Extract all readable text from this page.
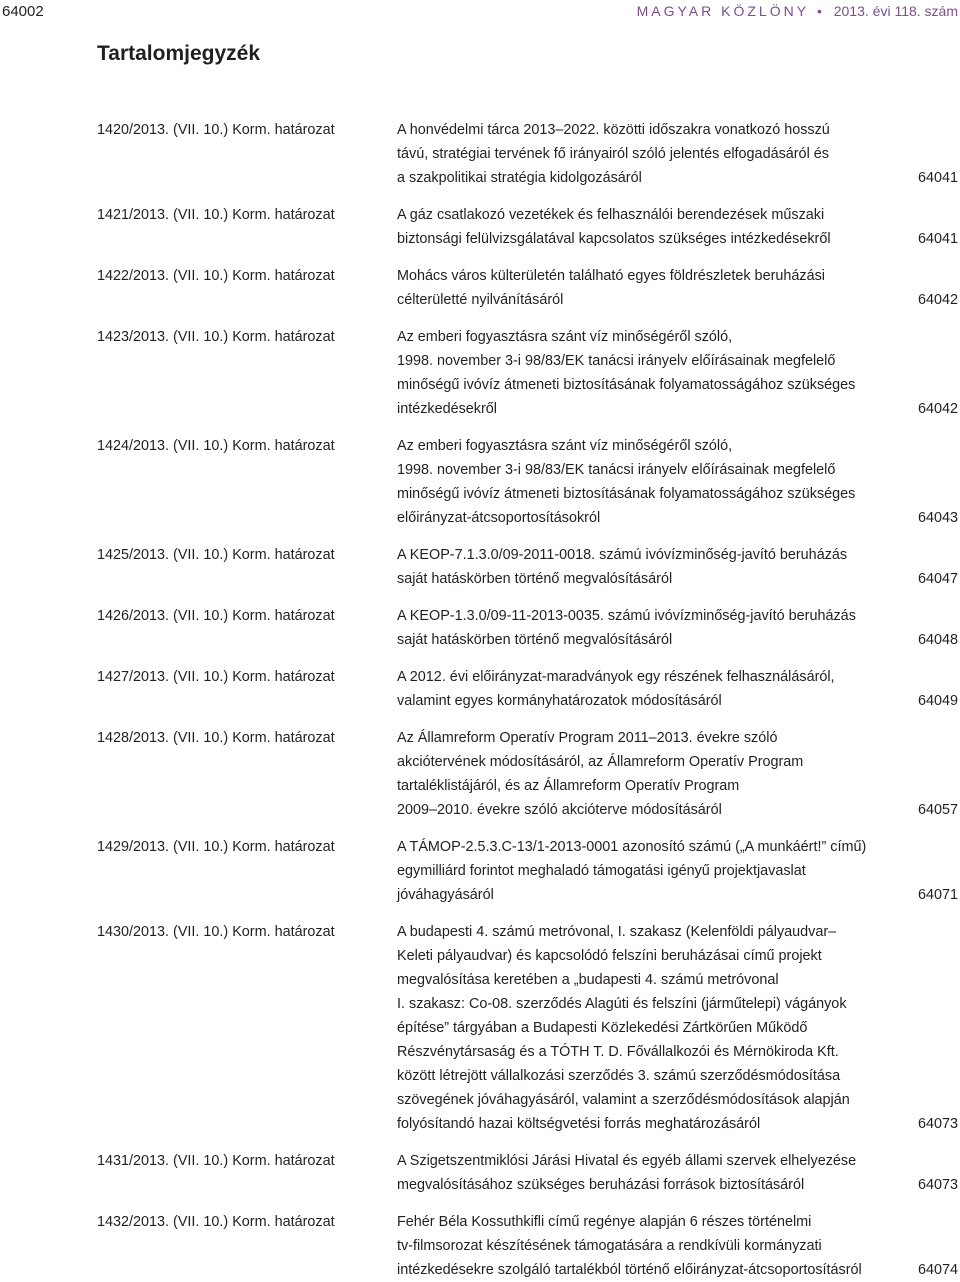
64002	MAGYAR KÖZLÖNY • 2013. évi 118. szám
Tartalomjegyzék
1420/2013. (VII. 10.) Korm. határozat	A honvédelmi tárca 2013–2022. közötti időszakra vonatkozó hosszú
távú, stratégiai tervének fő irányairól szóló jelentés elfogadásáról és
a szakpolitikai stratégia kidolgozásáról	64041
1421/2013. (VII. 10.) Korm. határozat	A gáz csatlakozó vezetékek és felhasználói berendezések műszaki
biztonsági felülvizsgálatával kapcsolatos szükséges intézkedésekről	64041
1422/2013. (VII. 10.) Korm. határozat	Mohács város külterületén található egyes földrészletek beruházási
célterületté nyilvánításáról	64042
1423/2013. (VII. 10.) Korm. határozat	Az emberi fogyasztásra szánt víz minőségéről szóló,
1998. november 3-i 98/83/EK tanácsi irányelv előírásainak megfelelő
minőségű ivóvíz átmeneti biztosításának folyamatosságához szükséges
intézkedésekről	64042
1424/2013. (VII. 10.) Korm. határozat	Az emberi fogyasztásra szánt víz minőségéről szóló,
1998. november 3-i 98/83/EK tanácsi irányelv előírásainak megfelelő
minőségű ivóvíz átmeneti biztosításának folyamatosságához szükséges
előirányzat-átcsoportosításokról	64043
1425/2013. (VII. 10.) Korm. határozat	A KEOP-7.1.3.0/09-2011-0018. számú ivóvízminőség-javító beruházás
saját hatáskörben történő megvalósításáról	64047
1426/2013. (VII. 10.) Korm. határozat	A KEOP-1.3.0/09-11-2013-0035. számú ivóvízminőség-javító beruházás
saját hatáskörben történő megvalósításáról	64048
1427/2013. (VII. 10.) Korm. határozat	A 2012. évi előirányzat-maradványok egy részének felhasználásáról,
valamint egyes kormányhatározatok módosításáról	64049
1428/2013. (VII. 10.) Korm. határozat	Az Államreform Operatív Program 2011–2013. évekre szóló
akciótervének módosításáról, az Államreform Operatív Program
tartaléklistájáról, és az Államreform Operatív Program
2009–2010. évekre szóló akcióterve módosításáról	64057
1429/2013. (VII. 10.) Korm. határozat	A TÁMOP-2.5.3.C-13/1-2013-0001 azonosító számú („A munkáért!” című)
egymilliárd forintot meghaladó támogatási igényű projektjavaslat
jóváhagyásáról	64071
1430/2013. (VII. 10.) Korm. határozat	A budapesti 4. számú metróvonal, I. szakasz (Kelenföldi pályaudvar–
Keleti pályaudvar) és kapcsolódó felszíni beruházásai című projekt
megvalósítása keretében a „budapesti 4. számú metróvonal
I. szakasz: Co-08. szerződés Alagúti és felszíni (járműtelepi) vágányok
építése” tárgyában a Budapesti Közlekedési Zártkörűen Működő
Részvénytársaság és a TÓTH T. D. Fővállalkozói és Mérnökiroda Kft.
között létrejött vállalkozási szerződés 3. számú szerződésmódosítása
szövegének jóváhagyásáról, valamint a szerződésmódosítások alapján
folyósítandó hazai költségvetési forrás meghatározásáról	64073
1431/2013. (VII. 10.) Korm. határozat	A Szigetszentmiklósi Járási Hivatal és egyéb állami szervek elhelyezése
megvalósításához szükséges beruházási források biztosításáról	64073
1432/2013. (VII. 10.) Korm. határozat	Fehér Béla Kossuthkifli című regénye alapján 6 részes történelmi
tv-filmsorozat készítésének támogatására a rendkívüli kormányzati
intézkedésekre szolgáló tartalékból történő előirányzat-átcsoportosításról	64074
